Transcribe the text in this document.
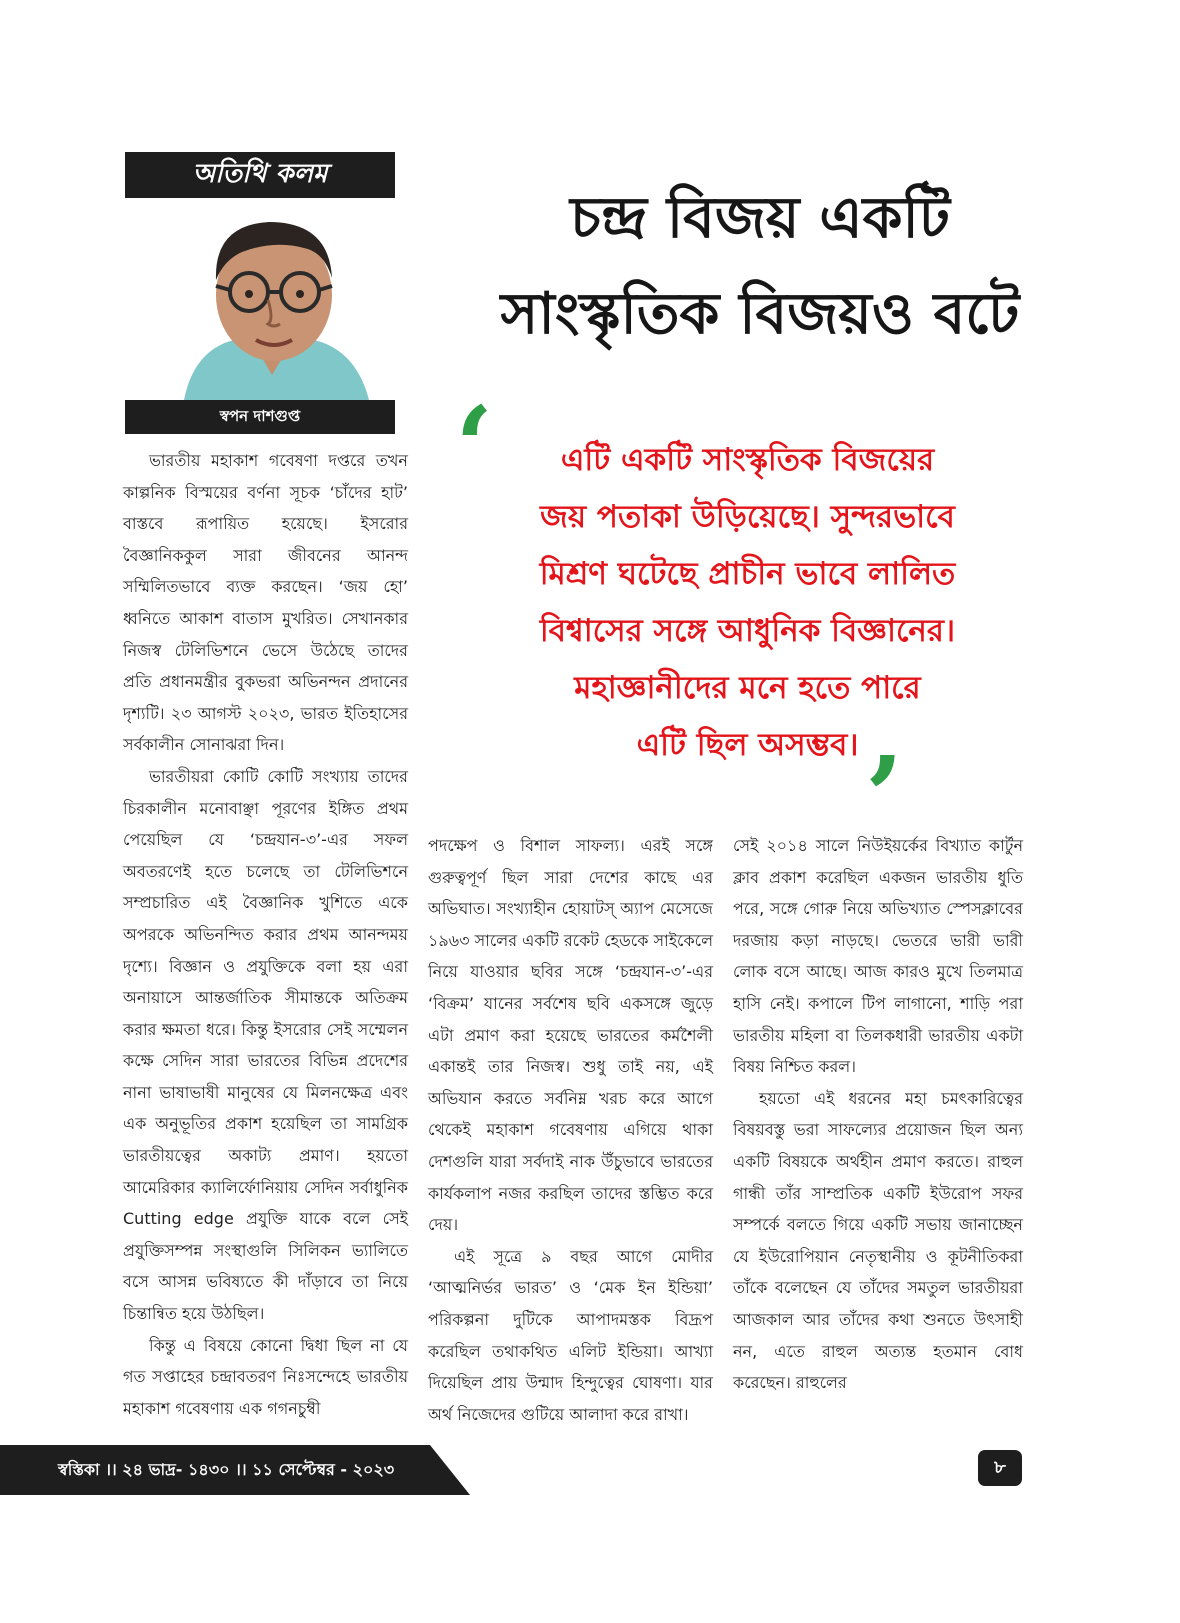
অতিথি কলম
স্বপন দাশগুপ্ত
চন্দ্র বিজয় একটি
সাংস্কৃতিক বিজয়ও বটে
‘
’
এটি একটি সাংস্কৃতিক বিজয়ের
জয় পতাকা উড়িয়েছে। সুন্দরভাবে
মিশ্রণ ঘটেছে প্রাচীন ভাবে লালিত
বিশ্বাসের সঙ্গে আধুনিক বিজ্ঞানের।
মহাজ্ঞানীদের মনে হতে পারে
এটি ছিল অসম্ভব।

ভারতীয় মহাকাশ গবেষণা দপ্তরে তখন কাল্পনিক বিস্ময়ের বর্ণনা সূচক ‘চাঁদের হাট’ বাস্তবে রূপায়িত হয়েছে। ইসরোর বৈজ্ঞানিককুল সারা জীবনের আনন্দ সম্মিলিতভাবে ব্যক্ত করছেন। ‘জয় হো’ ধ্বনিতে আকাশ বাতাস মুখরিত। সেখানকার নিজস্ব টেলিভিশনে ভেসে উঠেছে তাদের প্রতি প্রধানমন্ত্রীর বুকভরা অভিনন্দন প্রদানের দৃশ্যটি। ২৩ আগস্ট ২০২৩, ভারত ইতিহাসের সর্বকালীন সোনাঝরা দিন।

ভারতীয়রা কোটি কোটি সংখ্যায় তাদের চিরকালীন মনোবাঞ্ছা পূরণের ইঙ্গিত প্রথম পেয়েছিল যে ‘চন্দ্রযান-৩’-এর সফল অবতরণেই হতে চলেছে তা টেলিভিশনে সম্প্রচারিত এই বৈজ্ঞানিক খুশিতে একে অপরকে অভিনন্দিত করার প্রথম আনন্দময় দৃশ্যে। বিজ্ঞান ও প্রযুক্তিকে বলা হয় এরা অনায়াসে আন্তর্জাতিক সীমান্তকে অতিক্রম করার ক্ষমতা ধরে। কিন্তু ইসরোর সেই সম্মেলন কক্ষে সেদিন সারা ভারতের বিভিন্ন প্রদেশের নানা ভাষাভাষী মানুষের যে মিলনক্ষেত্র এবং এক অনুভূতির প্রকাশ হয়েছিল তা সামগ্রিক ভারতীয়ত্বের অকাট্য প্রমাণ। হয়তো আমেরিকার ক্যালির্ফোনিয়ায় সেদিন সর্বাধুনিক Cutting edge প্রযুক্তি যাকে বলে সেই প্রযুক্তিসম্পন্ন সংস্থাগুলি সিলিকন ভ্যালিতে বসে আসন্ন ভবিষ্যতে কী দাঁড়াবে তা নিয়ে চিন্তান্বিত হয়ে উঠছিল।

কিন্তু এ বিষয়ে কোনো দ্বিধা ছিল না যে গত সপ্তাহের চন্দ্রাবতরণ নিঃসন্দেহে ভারতীয় মহাকাশ গবেষণায় এক গগনচুম্বী

পদক্ষেপ ও বিশাল সাফল্য। এরই সঙ্গে গুরুত্বপূর্ণ ছিল সারা দেশের কাছে এর অভিঘাত। সংখ্যাহীন হোয়াটস্ অ্যাপ মেসেজে ১৯৬৩ সালের একটি রকেট হেডকে সাইকেলে নিয়ে যাওয়ার ছবির সঙ্গে ‘চন্দ্রযান-৩’-এর ‘বিক্রম’ যানের সর্বশেষ ছবি একসঙ্গে জুড়ে এটা প্রমাণ করা হয়েছে ভারতের কর্মশৈলী একান্তই তার নিজস্ব। শুধু তাই নয়, এই অভিযান করতে সর্বনিম্ন খরচ করে আগে থেকেই মহাকাশ গবেষণায় এগিয়ে থাকা দেশগুলি যারা সর্বদাই নাক উঁচুভাবে ভারতের কার্যকলাপ নজর করছিল তাদের স্তম্ভিত করে দেয়।

এই সূত্রে ৯ বছর আগে মোদীর ‘আত্মনির্ভর ভারত’ ও ‘মেক ইন ইন্ডিয়া’ পরিকল্পনা দুটিকে আপাদমস্তক বিদ্রূপ করেছিল তথাকথিত এলিট ইন্ডিয়া। আখ্যা দিয়েছিল প্রায় উন্মাদ হিন্দুত্বের ঘোষণা। যার অর্থ নিজেদের গুটিয়ে আলাদা করে রাখা।

সেই ২০১৪ সালে নিউইয়র্কের বিখ্যাত কার্টুন ক্লাব প্রকাশ করেছিল একজন ভারতীয় ধুতি পরে, সঙ্গে গোরু নিয়ে অভিখ্যাত স্পেসক্লাবের দরজায় কড়া নাড়ছে। ভেতরে ভারী ভারী লোক বসে আছে। আজ কারও মুখে তিলমাত্র হাসি নেই। কপালে টিপ লাগানো, শাড়ি পরা ভারতীয় মহিলা বা তিলকধারী ভারতীয় একটা বিষয় নিশ্চিত করল।

হয়তো এই ধরনের মহা চমৎকারিত্বের বিষয়বস্তু ভরা সাফল্যের প্রয়োজন ছিল অন্য একটি বিষয়কে অর্থহীন প্রমাণ করতে। রাহুল গান্ধী তাঁর সাম্প্রতিক একটি ইউরোপ সফর সম্পর্কে বলতে গিয়ে একটি সভায় জানাচ্ছেন যে ইউরোপিয়ান নেতৃস্থানীয় ও কূটনীতিকরা তাঁকে বলেছেন যে তাঁদের সমতুল ভারতীয়রা আজকাল আর তাঁদের কথা শুনতে উৎসাহী নন, এতে রাহুল অত্যন্ত হতমান বোধ করেছেন। রাহুলের

স্বস্তিকা ।। ২৪ ভাদ্র- ১৪৩০ ।। ১১ সেপ্টেম্বর - ২০২৩	৮
